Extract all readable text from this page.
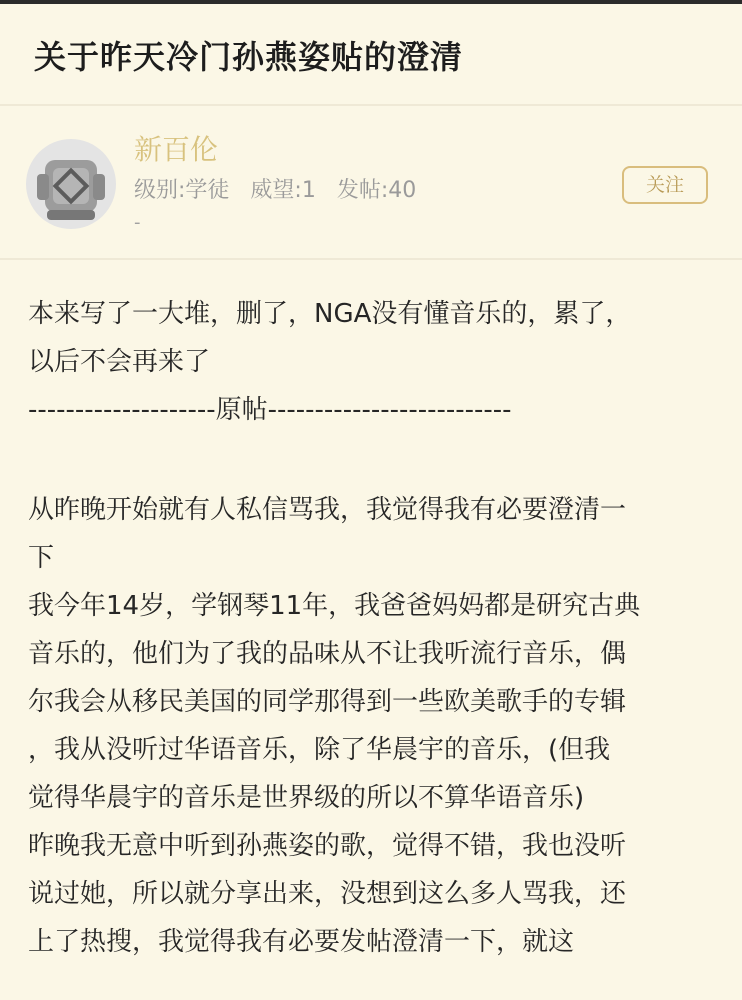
关于昨天冷门孙燕姿贴的澄清
新百伦
级别:学徒 威望:1 发帖:40
-
关注
本来写了一大堆，删了，NGA没有懂音乐的，累了，
以后不会再来了
--------------------原帖--------------------------
从昨晚开始就有人私信骂我，我觉得我有必要澄清一
下
我今年14岁，学钢琴11年，我爸爸妈妈都是研究古典
音乐的，他们为了我的品味从不让我听流行音乐，偶
尔我会从移民美国的同学那得到一些欧美歌手的专辑
，我从没听过华语音乐，除了华晨宇的音乐，(但我
觉得华晨宇的音乐是世界级的所以不算华语音乐)
昨晚我无意中听到孙燕姿的歌，觉得不错，我也没听
说过她，所以就分享出来，没想到这么多人骂我，还
上了热搜，我觉得我有必要发帖澄清一下，就这
